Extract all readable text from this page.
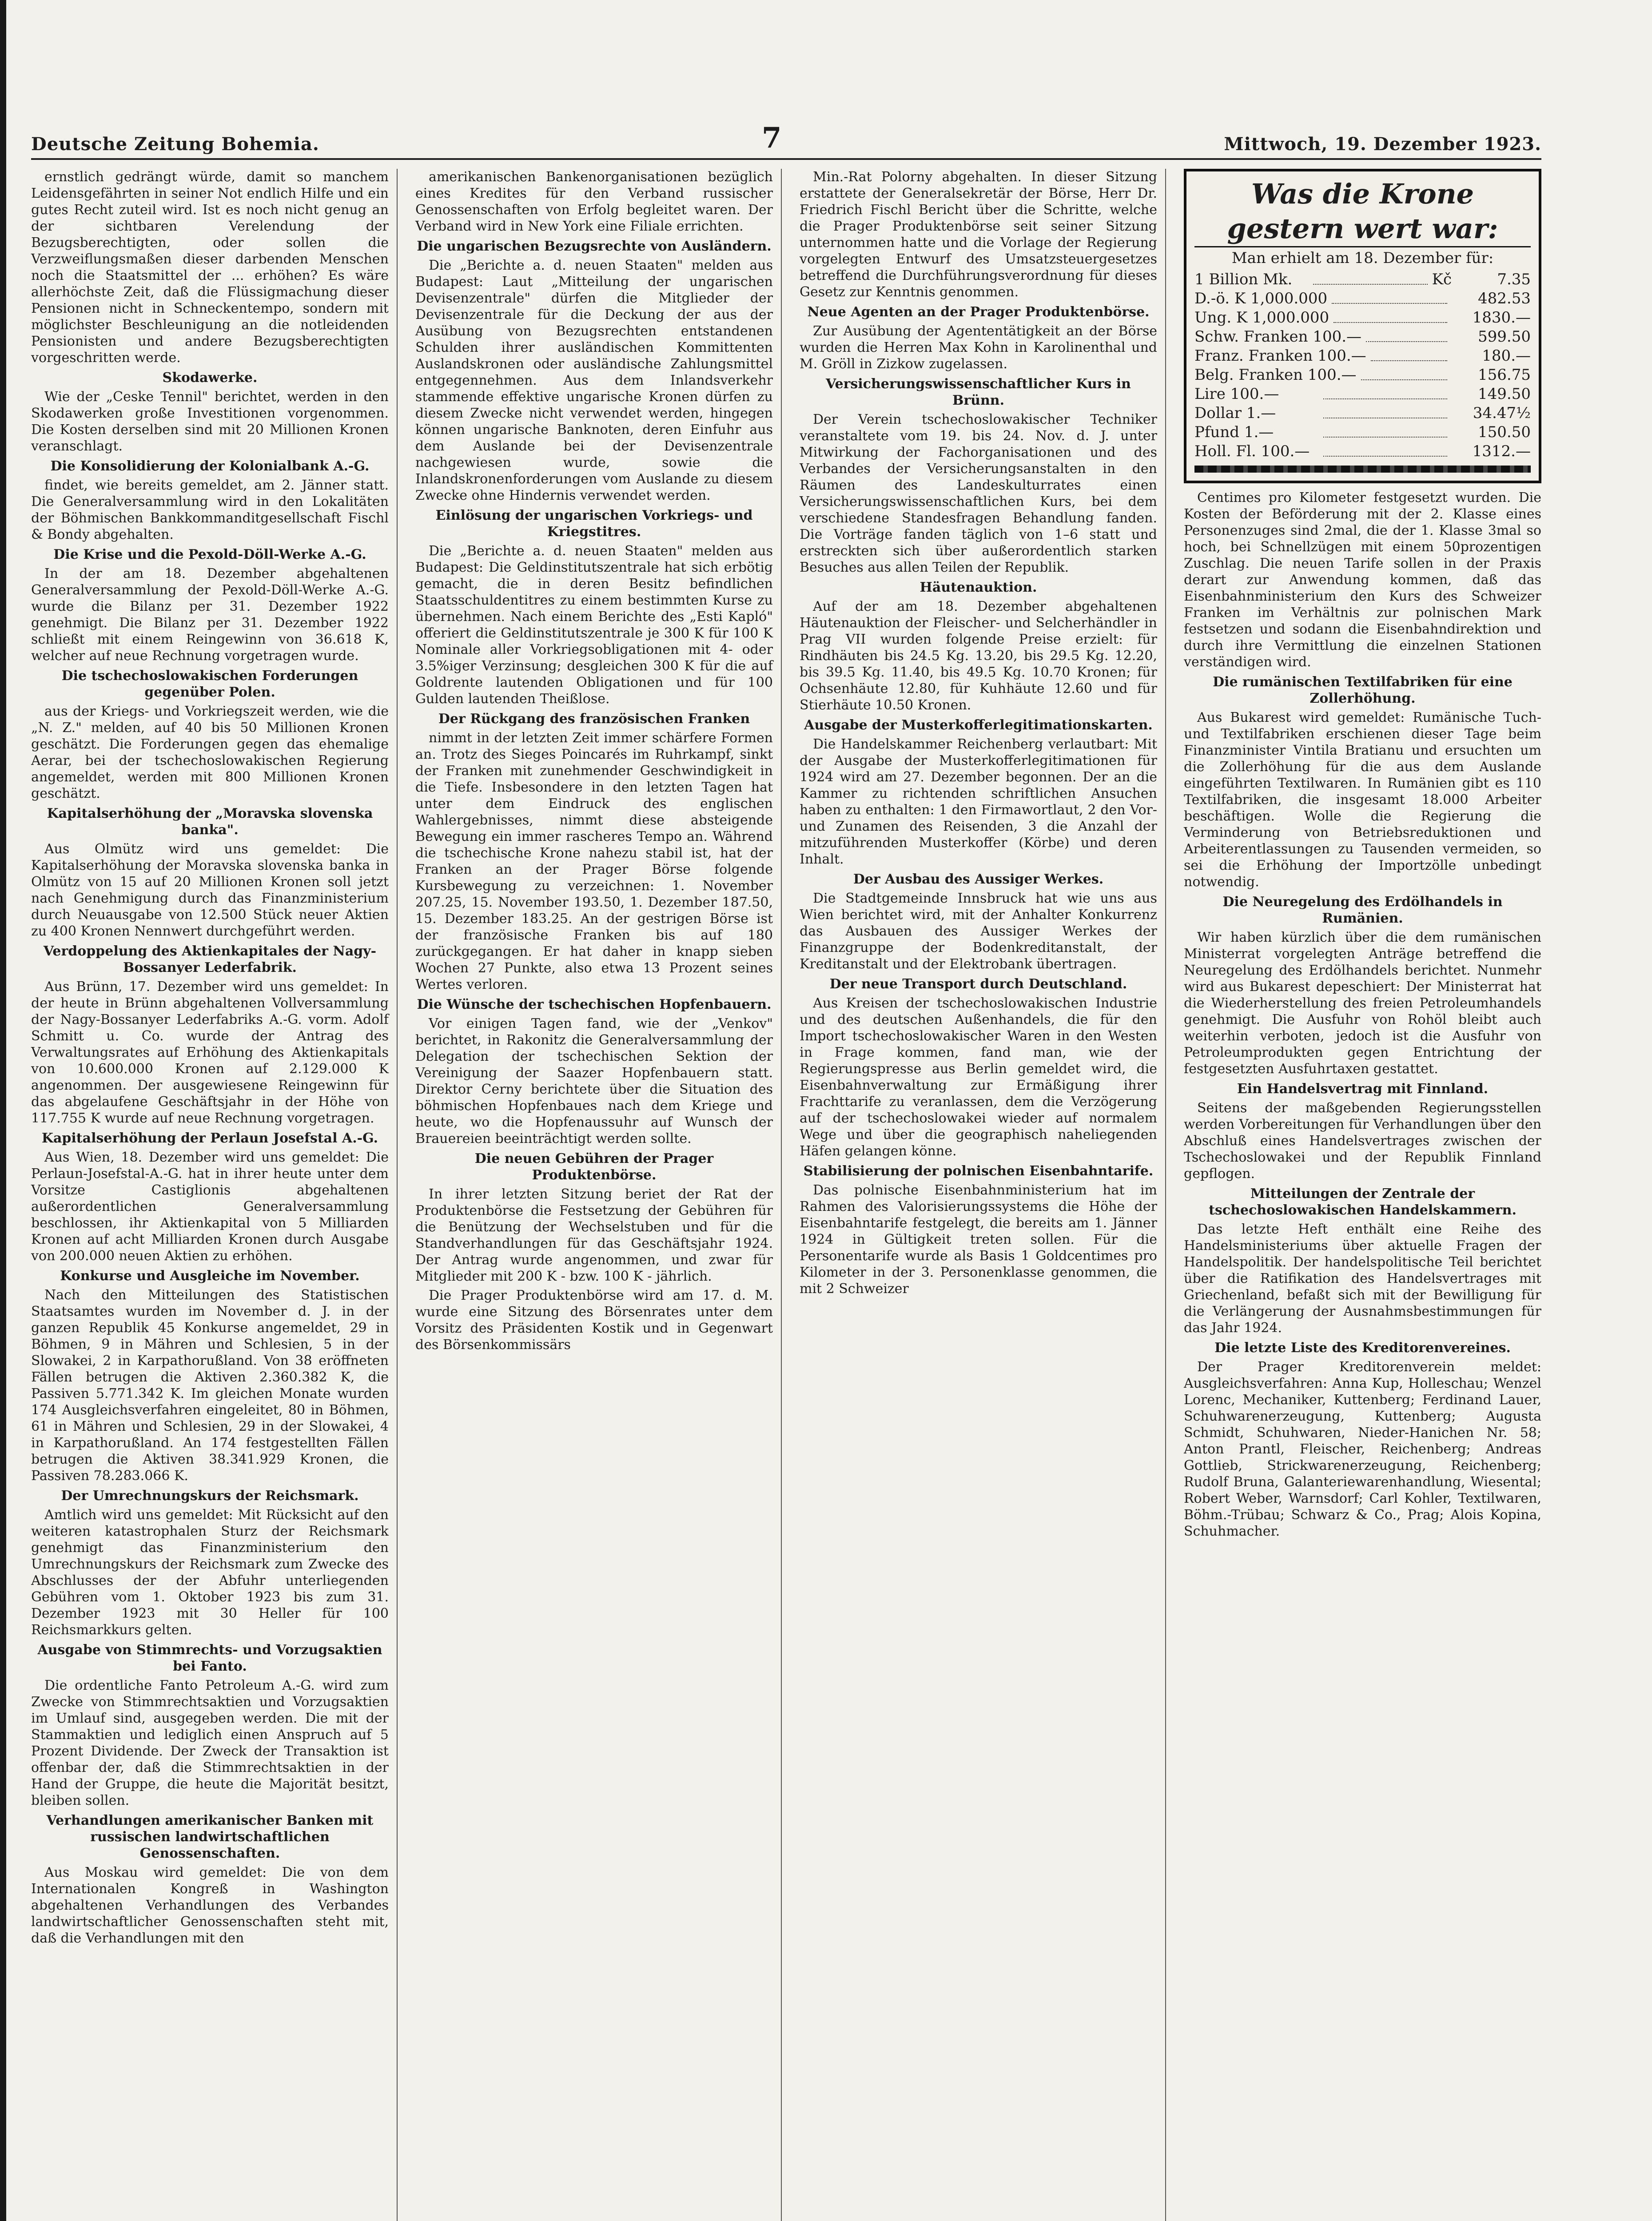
Deutsche Zeitung Bohemia.	7	Mittwoch, 19. Dezember 1923.

ernstlich gedrängt würde, damit so manchem Leidensgefährten in seiner Not endlich Hilfe und ein gutes Recht zuteil wird. Ist es noch nicht genug an der sichtbaren Verelendung der Bezugsberechtigten, oder sollen die Verzweiflungsmaßen dieser darbenden Menschen noch die Staatsmittel der ... erhöhen? Es wäre allerhöchste Zeit, daß die Flüssigmachung dieser Pensionen nicht in Schneckentempo, sondern mit möglichster Beschleunigung an die notleidenden Pensionisten und andere Bezugsberechtigten vorgeschritten werde.

Skodawerke.

Wie der „Ceske Tennil" berichtet, werden in den Skodawerken große Investitionen vorgenommen. Die Kosten derselben sind mit 20 Millionen Kronen veranschlagt.

Die Konsolidierung der Kolonialbank A.-G.

findet, wie bereits gemeldet, am 2. Jänner statt. Die Generalversammlung wird in den Lokalitäten der Böhmischen Bankkommanditgesellschaft Fischl & Bondy abgehalten.

Die Krise und die Pexold-Döll-Werke A.-G.

In der am 18. Dezember abgehaltenen Generalversammlung der Pexold-Döll-Werke A.-G. wurde die Bilanz per 31. Dezember 1922 genehmigt. Die Bilanz per 31. Dezember 1922 schließt mit einem Reingewinn von 36.618 K, welcher auf neue Rechnung vorgetragen wurde.

Die tschechoslowakischen Forderungen gegenüber Polen.

aus der Kriegs- und Vorkriegszeit werden, wie die „N. Z." melden, auf 40 bis 50 Millionen Kronen geschätzt. Die Forderungen gegen das ehemalige Aerar, bei der tschechoslowakischen Regierung angemeldet, werden mit 800 Millionen Kronen geschätzt.

Kapitalserhöhung der „Moravska slovenska banka".

Aus Olmütz wird uns gemeldet: Die Kapitalserhöhung der Moravska slovenska banka in Olmütz von 15 auf 20 Millionen Kronen soll jetzt nach Genehmigung durch das Finanzministerium durch Neuausgabe von 12.500 Stück neuer Aktien zu 400 Kronen Nennwert durchgeführt werden.

Verdoppelung des Aktienkapitales der Nagy-Bossanyer Lederfabrik.

Aus Brünn, 17. Dezember wird uns gemeldet: In der heute in Brünn abgehaltenen Vollversammlung der Nagy-Bossanyer Lederfabriks A.-G. vorm. Adolf Schmitt u. Co. wurde der Antrag des Verwaltungsrates auf Erhöhung des Aktienkapitals von 10.600.000 Kronen auf 2.129.000 K angenommen. Der ausgewiesene Reingewinn für das abgelaufene Geschäftsjahr in der Höhe von 117.755 K wurde auf neue Rechnung vorgetragen.

Kapitalserhöhung der Perlaun Josefstal A.-G.

Aus Wien, 18. Dezember wird uns gemeldet: Die Perlaun-Josefstal-A.-G. hat in ihrer heute unter dem Vorsitze Castiglionis abgehaltenen außerordentlichen Generalversammlung beschlossen, ihr Aktienkapital von 5 Milliarden Kronen auf acht Milliarden Kronen durch Ausgabe von 200.000 neuen Aktien zu erhöhen.

Konkurse und Ausgleiche im November.

Nach den Mitteilungen des Statistischen Staatsamtes wurden im November d. J. in der ganzen Republik 45 Konkurse angemeldet, 29 in Böhmen, 9 in Mähren und Schlesien, 5 in der Slowakei, 2 in Karpathorußland. Von 38 eröffneten Fällen betrugen die Aktiven 2.360.382 K, die Passiven 5.771.342 K. Im gleichen Monate wurden 174 Ausgleichsverfahren eingeleitet, 80 in Böhmen, 61 in Mähren und Schlesien, 29 in der Slowakei, 4 in Karpathorußland. An 174 festgestellten Fällen betrugen die Aktiven 38.341.929 Kronen, die Passiven 78.283.066 K.

Der Umrechnungskurs der Reichsmark.

Amtlich wird uns gemeldet: Mit Rücksicht auf den weiteren katastrophalen Sturz der Reichsmark genehmigt das Finanzministerium den Umrechnungskurs der Reichsmark zum Zwecke des Abschlusses der der Abfuhr unterliegenden Gebühren vom 1. Oktober 1923 bis zum 31. Dezember 1923 mit 30 Heller für 100 Reichsmarkkurs gelten.

Ausgabe von Stimmrechts- und Vorzugsaktien bei Fanto.

Die ordentliche Fanto Petroleum A.-G. wird zum Zwecke von Stimmrechtsaktien und Vorzugsaktien im Umlauf sind, ausgegeben werden. Die mit der Stammaktien und lediglich einen Anspruch auf 5 Prozent Dividende. Der Zweck der Transaktion ist offenbar der, daß die Stimmrechtsaktien in der Hand der Gruppe, die heute die Majorität besitzt, bleiben sollen.

Verhandlungen amerikanischer Banken mit russischen landwirtschaftlichen Genossenschaften.

Aus Moskau wird gemeldet: Die von dem Internationalen Kongreß in Washington abgehaltenen Verhandlungen des Verbandes landwirtschaftlicher Genossenschaften steht mit, daß die Verhandlungen mit den

amerikanischen Bankenorganisationen bezüglich eines Kredites für den Verband russischer Genossenschaften von Erfolg begleitet waren. Der Verband wird in New York eine Filiale errichten.

Die ungarischen Bezugsrechte von Ausländern.

Die „Berichte a. d. neuen Staaten" melden aus Budapest: Laut „Mitteilung der ungarischen Devisenzentrale" dürfen die Mitglieder der Devisenzentrale für die Deckung der aus der Ausübung von Bezugsrechten entstandenen Schulden ihrer ausländischen Kommittenten Auslandskronen oder ausländische Zahlungsmittel entgegennehmen. Aus dem Inlandsverkehr stammende effektive ungarische Kronen dürfen zu diesem Zwecke nicht verwendet werden, hingegen können ungarische Banknoten, deren Einfuhr aus dem Auslande bei der Devisenzentrale nachgewiesen wurde, sowie die Inlandskronenforderungen vom Auslande zu diesem Zwecke ohne Hindernis verwendet werden.

Einlösung der ungarischen Vorkriegs- und Kriegstitres.

Die „Berichte a. d. neuen Staaten" melden aus Budapest: Die Geldinstitutszentrale hat sich erbötig gemacht, die in deren Besitz befindlichen Staatsschuldentitres zu einem bestimmten Kurse zu übernehmen. Nach einem Berichte des „Esti Kapló" offeriert die Geldinstitutszentrale je 300 K für 100 K Nominale aller Vorkriegsobligationen mit 4- oder 3.5%iger Verzinsung; desgleichen 300 K für die auf Goldrente lautenden Obligationen und für 100 Gulden lautenden Theißlose.

Der Rückgang des französischen Franken

nimmt in der letzten Zeit immer schärfere Formen an. Trotz des Sieges Poincarés im Ruhrkampf, sinkt der Franken mit zunehmender Geschwindigkeit in die Tiefe. Insbesondere in den letzten Tagen hat unter dem Eindruck des englischen Wahlergebnisses, nimmt diese absteigende Bewegung ein immer rascheres Tempo an. Während die tschechische Krone nahezu stabil ist, hat der Franken an der Prager Börse folgende Kursbewegung zu verzeichnen: 1. November 207.25, 15. November 193.50, 1. Dezember 187.50, 15. Dezember 183.25. An der gestrigen Börse ist der französische Franken bis auf 180 zurückgegangen. Er hat daher in knapp sieben Wochen 27 Punkte, also etwa 13 Prozent seines Wertes verloren.

Die Wünsche der tschechischen Hopfenbauern.

Vor einigen Tagen fand, wie der „Venkov" berichtet, in Rakonitz die Generalversammlung der Delegation der tschechischen Sektion der Vereinigung der Saazer Hopfenbauern statt. Direktor Cerny berichtete über die Situation des böhmischen Hopfenbaues nach dem Kriege und heute, wo die Hopfenaussuhr auf Wunsch der Brauereien beeinträchtigt werden sollte.

Die neuen Gebühren der Prager Produktenbörse.

In ihrer letzten Sitzung beriet der Rat der Produktenbörse die Festsetzung der Gebühren für die Benützung der Wechselstuben und für die Standverhandlungen für das Geschäftsjahr 1924. Der Antrag wurde angenommen, und zwar für Mitglieder mit 200 K - bzw. 100 K - jährlich.

Die Prager Produktenbörse wird am 17. d. M. wurde eine Sitzung des Börsenrates unter dem Vorsitz des Präsidenten Kostik und in Gegenwart des Börsenkommissärs

Min.-Rat Polorny abgehalten. In dieser Sitzung erstattete der Generalsekretär der Börse, Herr Dr. Friedrich Fischl Bericht über die Schritte, welche die Prager Produktenbörse seit seiner Sitzung unternommen hatte und die Vorlage der Regierung vorgelegten Entwurf des Umsatzsteuergesetzes betreffend die Durchführungsverordnung für dieses Gesetz zur Kenntnis genommen.

Neue Agenten an der Prager Produktenbörse.

Zur Ausübung der Agententätigkeit an der Börse wurden die Herren Max Kohn in Karolinenthal und M. Gröll in Zizkow zugelassen.

Versicherungswissenschaftlicher Kurs in Brünn.

Der Verein tschechoslowakischer Techniker veranstaltete vom 19. bis 24. Nov. d. J. unter Mitwirkung der Fachorganisationen und des Verbandes der Versicherungsanstalten in den Räumen des Landeskulturrates einen Versicherungswissenschaftlichen Kurs, bei dem verschiedene Standesfragen Behandlung fanden. Die Vorträge fanden täglich von 1–6 statt und erstreckten sich über außerordentlich starken Besuches aus allen Teilen der Republik.

Häutenauktion.

Auf der am 18. Dezember abgehaltenen Häutenauktion der Fleischer- und Selcherhändler in Prag VII wurden folgende Preise erzielt: für Rindhäuten bis 24.5 Kg. 13.20, bis 29.5 Kg. 12.20, bis 39.5 Kg. 11.40, bis 49.5 Kg. 10.70 Kronen; für Ochsenhäute 12.80, für Kuhhäute 12.60 und für Stierhäute 10.50 Kronen.

Ausgabe der Musterkofferlegitimationskarten.

Die Handelskammer Reichenberg verlautbart: Mit der Ausgabe der Musterkofferlegitimationen für 1924 wird am 27. Dezember begonnen. Der an die Kammer zu richtenden schriftlichen Ansuchen haben zu enthalten: 1 den Firmawortlaut, 2 den Vor- und Zunamen des Reisenden, 3 die Anzahl der mitzuführenden Musterkoffer (Körbe) und deren Inhalt.

Der Ausbau des Aussiger Werkes.

Die Stadtgemeinde Innsbruck hat wie uns aus Wien berichtet wird, mit der Anhalter Konkurrenz das Ausbauen des Aussiger Werkes der Finanzgruppe der Bodenkreditanstalt, der Kreditanstalt und der Elektrobank übertragen.

Der neue Transport durch Deutschland.

Aus Kreisen der tschechoslowakischen Industrie und des deutschen Außenhandels, die für den Import tschechoslowakischer Waren in den Westen in Frage kommen, fand man, wie der Regierungspresse aus Berlin gemeldet wird, die Eisenbahnverwaltung zur Ermäßigung ihrer Frachttarife zu veranlassen, dem die Verzögerung auf der tschechoslowakei wieder auf normalem Wege und über die geographisch naheliegenden Häfen gelangen könne.

Stabilisierung der polnischen Eisenbahntarife.

Das polnische Eisenbahnministerium hat im Rahmen des Valorisierungssystems die Höhe der Eisenbahntarife festgelegt, die bereits am 1. Jänner 1924 in Gültigkeit treten sollen. Für die Personentarife wurde als Basis 1 Goldcentimes pro Kilometer in der 3. Personenklasse genommen, die mit 2 Schweizer

Was die Krone gestern wert war:
Man erhielt am 18. Dezember für:
1 Billion Mk.	Kč	7.35
D.-ö. K 1,000.000	482.53
Ung. K 1,000.000	1830.—
Schw. Franken 100.—	599.50
Franz. Franken 100.—	180.—
Belg. Franken 100.—	156.75
Lire 100.—	149.50
Dollar 1.—	34.47½
Pfund 1.—	150.50
Holl. Fl. 100.—	1312.—

Centimes pro Kilometer festgesetzt wurden. Die Kosten der Beförderung mit der 2. Klasse eines Personenzuges sind 2mal, die der 1. Klasse 3mal so hoch, bei Schnellzügen mit einem 50prozentigen Zuschlag. Die neuen Tarife sollen in der Praxis derart zur Anwendung kommen, daß das Eisenbahnministerium den Kurs des Schweizer Franken im Verhältnis zur polnischen Mark festsetzen und sodann die Eisenbahndirektion und durch ihre Vermittlung die einzelnen Stationen verständigen wird.

Die rumänischen Textilfabriken für eine Zollerhöhung.

Aus Bukarest wird gemeldet: Rumänische Tuch- und Textilfabriken erschienen dieser Tage beim Finanzminister Vintila Bratianu und ersuchten um die Zollerhöhung für die aus dem Auslande eingeführten Textilwaren. In Rumänien gibt es 110 Textilfabriken, die insgesamt 18.000 Arbeiter beschäftigen. Wolle die Regierung die Verminderung von Betriebsreduktionen und Arbeiterentlassungen zu Tausenden vermeiden, so sei die Erhöhung der Importzölle unbedingt notwendig.

Die Neuregelung des Erdölhandels in Rumänien.

Wir haben kürzlich über die dem rumänischen Ministerrat vorgelegten Anträge betreffend die Neuregelung des Erdölhandels berichtet. Nunmehr wird aus Bukarest depeschiert: Der Ministerrat hat die Wiederherstellung des freien Petroleumhandels genehmigt. Die Ausfuhr von Rohöl bleibt auch weiterhin verboten, jedoch ist die Ausfuhr von Petroleumprodukten gegen Entrichtung der festgesetzten Ausfuhrtaxen gestattet.

Ein Handelsvertrag mit Finnland.

Seitens der maßgebenden Regierungsstellen werden Vorbereitungen für Verhandlungen über den Abschluß eines Handelsvertrages zwischen der Tschechoslowakei und der Republik Finnland gepflogen.

Mitteilungen der Zentrale der tschechoslowakischen Handelskammern.

Das letzte Heft enthält eine Reihe des Handelsministeriums über aktuelle Fragen der Handelspolitik. Der handelspolitische Teil berichtet über die Ratifikation des Handelsvertrages mit Griechenland, befaßt sich mit der Bewilligung für die Verlängerung der Ausnahmsbestimmungen für das Jahr 1924.

Die letzte Liste des Kreditorenvereines.

Der Prager Kreditorenverein meldet: Ausgleichsverfahren: Anna Kup, Holleschau; Wenzel Lorenc, Mechaniker, Kuttenberg; Ferdinand Lauer, Schuhwarenerzeugung, Kuttenberg; Augusta Schmidt, Schuhwaren, Nieder-Hanichen Nr. 58; Anton Prantl, Fleischer, Reichenberg; Andreas Gottlieb, Strickwarenerzeugung, Reichenberg; Rudolf Bruna, Galanteriewarenhandlung, Wiesental; Robert Weber, Warnsdorf; Carl Kohler, Textilwaren, Böhm.-Trübau; Schwarz & Co., Prag; Alois Kopina, Schuhmacher.
